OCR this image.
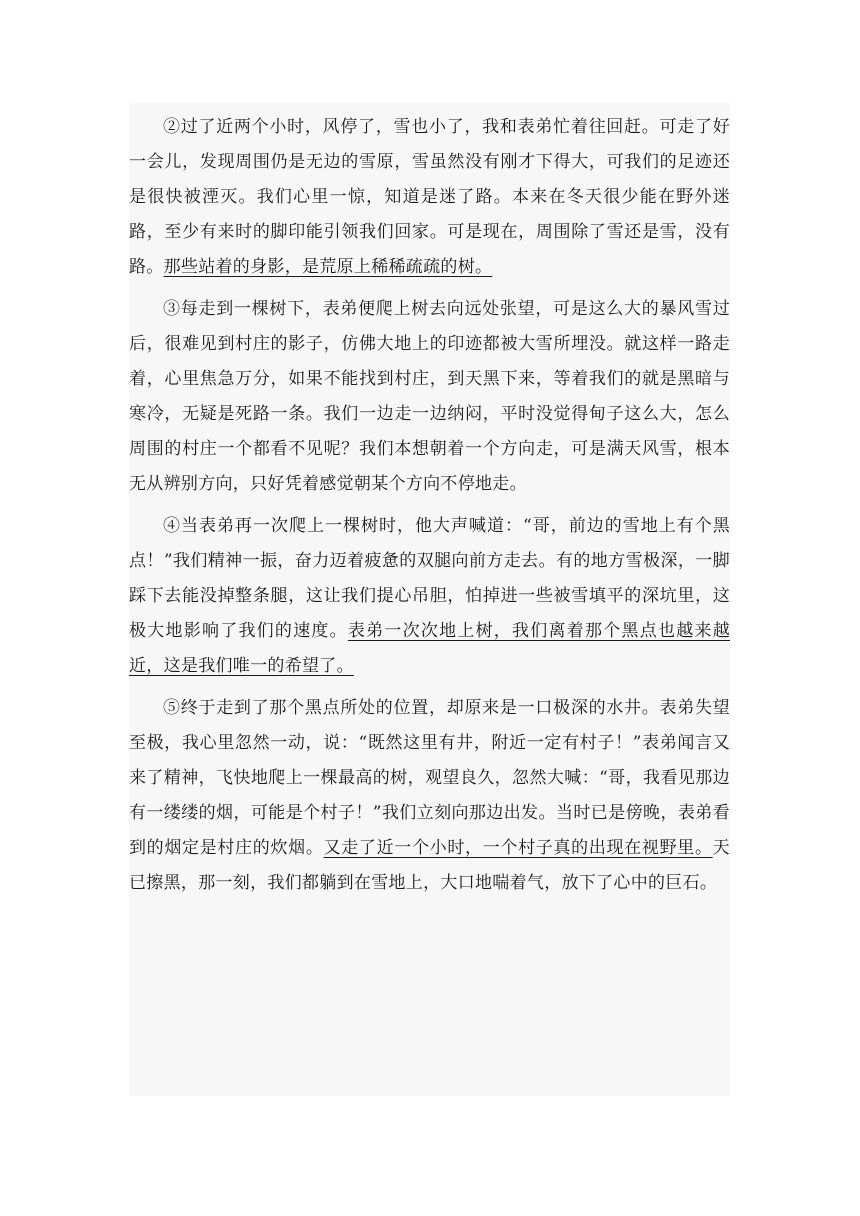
②过了近两个小时，风停了，雪也小了，我和表弟忙着往回赶。可走了好一会儿，发现周围仍是无边的雪原，雪虽然没有刚才下得大，可我们的足迹还是很快被湮灭。我们心里一惊，知道是迷了路。本来在冬天很少能在野外迷路，至少有来时的脚印能引领我们回家。可是现在，周围除了雪还是雪，没有路。那些站着的身影，是荒原上稀稀疏疏的树。

③每走到一棵树下，表弟便爬上树去向远处张望，可是这么大的暴风雪过后，很难见到村庄的影子，仿佛大地上的印迹都被大雪所埋没。就这样一路走着，心里焦急万分，如果不能找到村庄，到天黑下来，等着我们的就是黑暗与寒冷，无疑是死路一条。我们一边走一边纳闷，平时没觉得甸子这么大，怎么周围的村庄一个都看不见呢？我们本想朝着一个方向走，可是满天风雪，根本无从辨别方向，只好凭着感觉朝某个方向不停地走。

④当表弟再一次爬上一棵树时，他大声喊道：“哥，前边的雪地上有个黑点！”我们精神一振，奋力迈着疲惫的双腿向前方走去。有的地方雪极深，一脚踩下去能没掉整条腿，这让我们提心吊胆，怕掉进一些被雪填平的深坑里，这极大地影响了我们的速度。表弟一次次地上树，我们离着那个黑点也越来越近，这是我们唯一的希望了。

⑤终于走到了那个黑点所处的位置，却原来是一口极深的水井。表弟失望至极，我心里忽然一动，说：“既然这里有井，附近一定有村子！”表弟闻言又来了精神，飞快地爬上一棵最高的树，观望良久，忽然大喊：“哥，我看见那边有一缕缕的烟，可能是个村子！”我们立刻向那边出发。当时已是傍晚，表弟看到的烟定是村庄的炊烟。又走了近一个小时，一个村子真的出现在视野里。天已擦黑，那一刻，我们都躺到在雪地上，大口地喘着气，放下了心中的巨石。
